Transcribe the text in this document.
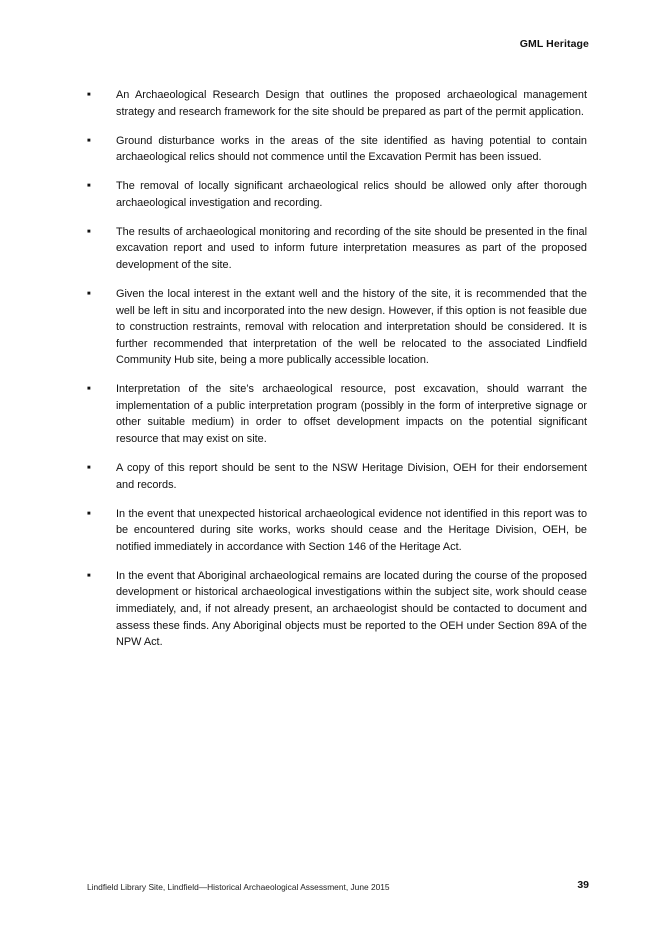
GML Heritage
■	An Archaeological Research Design that outlines the proposed archaeological management strategy and research framework for the site should be prepared as part of the permit application.
■	Ground disturbance works in the areas of the site identified as having potential to contain archaeological relics should not commence until the Excavation Permit has been issued.
■	The removal of locally significant archaeological relics should be allowed only after thorough archaeological investigation and recording.
■	The results of archaeological monitoring and recording of the site should be presented in the final excavation report and used to inform future interpretation measures as part of the proposed development of the site.
■	Given the local interest in the extant well and the history of the site, it is recommended that the well be left in situ and incorporated into the new design. However, if this option is not feasible due to construction restraints, removal with relocation and interpretation should be considered. It is further recommended that interpretation of the well be relocated to the associated Lindfield Community Hub site, being a more publically accessible location.
■	Interpretation of the site’s archaeological resource, post excavation, should warrant the implementation of a public interpretation program (possibly in the form of interpretive signage or other suitable medium) in order to offset development impacts on the potential significant resource that may exist on site.
■	A copy of this report should be sent to the NSW Heritage Division, OEH for their endorsement and records.
■	In the event that unexpected historical archaeological evidence not identified in this report was to be encountered during site works, works should cease and the Heritage Division, OEH, be notified immediately in accordance with Section 146 of the Heritage Act.
■	In the event that Aboriginal archaeological remains are located during the course of the proposed development or historical archaeological investigations within the subject site, work should cease immediately, and, if not already present, an archaeologist should be contacted to document and assess these finds. Any Aboriginal objects must be reported to the OEH under Section 89A of the NPW Act.
Lindfield Library Site, Lindfield—Historical Archaeological Assessment, June 2015	39
